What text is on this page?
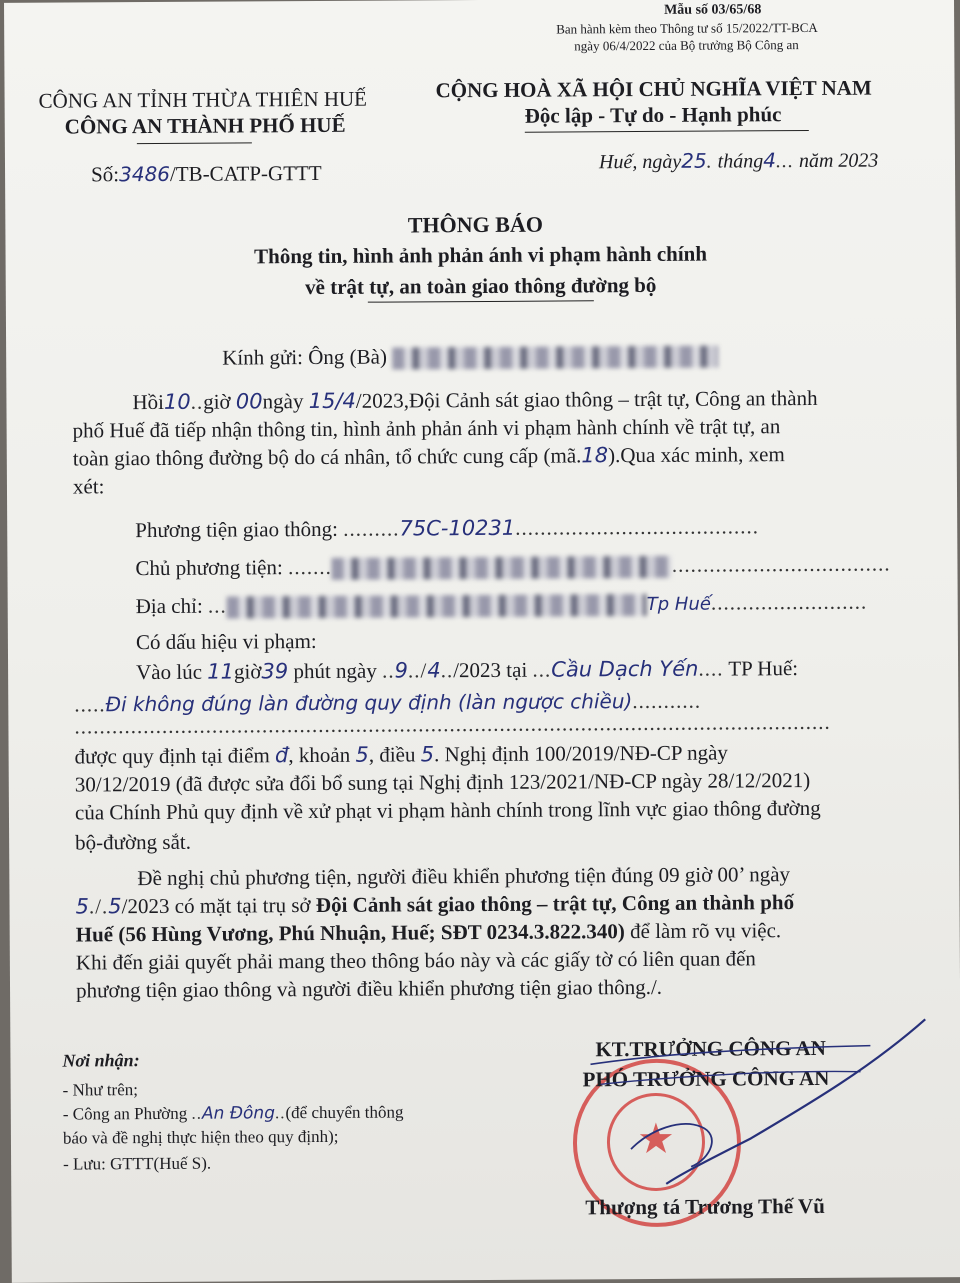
Mẫu số 03/65/68
Ban hành kèm theo Thông tư số 15/2022/TT-BCA
ngày 06/4/2022 của Bộ trưởng Bộ Công an
CÔNG AN TỈNH THỪA THIÊN HUẾ
CÔNG AN THÀNH PHỐ HUẾ
Số:3486/TB-CATP-GTTT
CỘNG HOÀ XÃ HỘI CHỦ NGHĨA VIỆT NAM
Độc lập - Tự do - Hạnh phúc
Huế, ngày25. tháng4... năm 2023
THÔNG BÁO
Thông tin, hình ảnh phản ánh vi phạm hành chính
về trật tự, an toàn giao thông đường bộ
Kính gửi: Ông (Bà)
Hồi10..giờ 00ngày 15/4/2023,Đội Cảnh sát giao thông – trật tự, Công an thành
phố Huế đã tiếp nhận thông tin, hình ảnh phản ánh vi phạm hành chính về trật tự, an
toàn giao thông đường bộ do cá nhân, tổ chức cung cấp (mã.18).Qua xác minh, xem
xét:
Phương tiện giao thông: .........75C-10231.......................................
Chủ phương tiện: .......	...................................
Địa chỉ: ...	Tp Huế.........................
Có dấu hiệu vi phạm:
Vào lúc 11giờ39 phút ngày ..9../4../2023 tại ...Cầu Dạch Yến.... TP Huế:
.....Đi không đúng làn đường quy định (làn ngược chiều)...........
.........................................................................................................................
được quy định tại điểm đ, khoản 5, điều 5. Nghị định 100/2019/NĐ-CP ngày
30/12/2019 (đã được sửa đổi bổ sung tại Nghị định 123/2021/NĐ-CP ngày 28/12/2021)
của Chính Phủ quy định về xử phạt vi phạm hành chính trong lĩnh vực giao thông đường
bộ-đường sắt.
Đề nghị chủ phương tiện, người điều khiển phương tiện đúng 09 giờ 00’ ngày
5./.5/2023 có mặt tại trụ sở Đội Cảnh sát giao thông – trật tự, Công an thành phố
Huế (56 Hùng Vương, Phú Nhuận, Huế; SĐT 0234.3.822.340) để làm rõ vụ việc.
Khi đến giải quyết phải mang theo thông báo này và các giấy tờ có liên quan đến
phương tiện giao thông và người điều khiển phương tiện giao thông./.
Nơi nhận:
- Như trên;
- Công an Phường ..An Đông..(để chuyển thông
báo và đề nghị thực hiện theo quy định);
- Lưu: GTTT(Huế S).
★
KT.TRƯỞNG CÔNG AN
PHÓ TRƯỞNG CÔNG AN
Thượng tá Trương Thế Vũ
